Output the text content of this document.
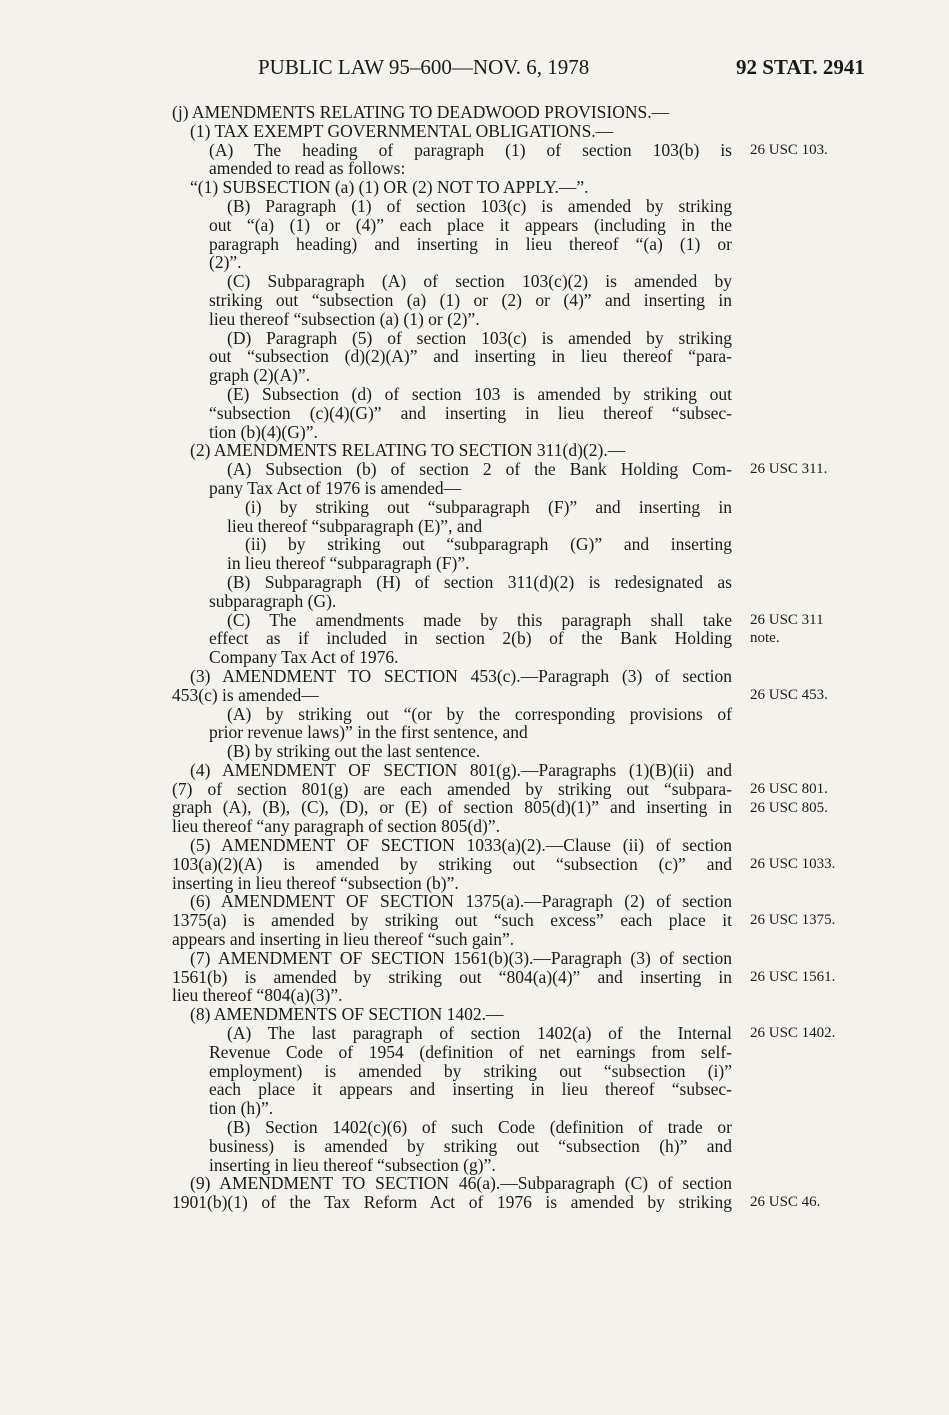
PUBLIC LAW 95–600—NOV. 6, 1978	92 STAT. 2941
(j) AMENDMENTS RELATING TO DEADWOOD PROVISIONS.—
(1) TAX EXEMPT GOVERNMENTAL OBLIGATIONS.—
(A) The heading of paragraph (1) of section 103(b) is
amended to read as follows:
“(1) SUBSECTION (a) (1) OR (2) NOT TO APPLY.—”.
(B) Paragraph (1) of section 103(c) is amended by striking
out “(a) (1) or (4)” each place it appears (including in the
paragraph heading) and inserting in lieu thereof “(a) (1) or
(2)”.
(C) Subparagraph (A) of section 103(c)(2) is amended by
striking out “subsection (a) (1) or (2) or (4)” and inserting in
lieu thereof “subsection (a) (1) or (2)”.
(D) Paragraph (5) of section 103(c) is amended by striking
out “subsection (d)(2)(A)” and inserting in lieu thereof “para-
graph (2)(A)”.
(E) Subsection (d) of section 103 is amended by striking out
“subsection (c)(4)(G)” and inserting in lieu thereof “subsec-
tion (b)(4)(G)”.
(2) AMENDMENTS RELATING TO SECTION 311(d)(2).—
(A) Subsection (b) of section 2 of the Bank Holding Com-
pany Tax Act of 1976 is amended—
(i) by striking out “subparagraph (F)” and inserting in
lieu thereof “subparagraph (E)”, and
(ii) by striking out “subparagraph (G)” and inserting
in lieu thereof “subparagraph (F)”.
(B) Subparagraph (H) of section 311(d)(2) is redesignated as
subparagraph (G).
(C) The amendments made by this paragraph shall take
effect as if included in section 2(b) of the Bank Holding
Company Tax Act of 1976.
(3) AMENDMENT TO SECTION 453(c).—Paragraph (3) of section
453(c) is amended—
(A) by striking out “(or by the corresponding provisions of
prior revenue laws)” in the first sentence, and
(B) by striking out the last sentence.
(4) AMENDMENT OF SECTION 801(g).—Paragraphs (1)(B)(ii) and
(7) of section 801(g) are each amended by striking out “subpara-
graph (A), (B), (C), (D), or (E) of section 805(d)(1)” and inserting in
lieu thereof “any paragraph of section 805(d)”.
(5) AMENDMENT OF SECTION 1033(a)(2).—Clause (ii) of section
103(a)(2)(A) is amended by striking out “subsection (c)” and
inserting in lieu thereof “subsection (b)”.
(6) AMENDMENT OF SECTION 1375(a).—Paragraph (2) of section
1375(a) is amended by striking out “such excess” each place it
appears and inserting in lieu thereof “such gain”.
(7) AMENDMENT OF SECTION 1561(b)(3).—Paragraph (3) of section
1561(b) is amended by striking out “804(a)(4)” and inserting in
lieu thereof “804(a)(3)”.
(8) AMENDMENTS OF SECTION 1402.—
(A) The last paragraph of section 1402(a) of the Internal
Revenue Code of 1954 (definition of net earnings from self-
employment) is amended by striking out “subsection (i)”
each place it appears and inserting in lieu thereof “subsec-
tion (h)”.
(B) Section 1402(c)(6) of such Code (definition of trade or
business) is amended by striking out “subsection (h)” and
inserting in lieu thereof “subsection (g)”.
(9) AMENDMENT TO SECTION 46(a).—Subparagraph (C) of section
1901(b)(1) of the Tax Reform Act of 1976 is amended by striking
26 USC 103.
26 USC 311.
26 USC 311
note.
26 USC 453.
26 USC 801.
26 USC 805.
26 USC 1033.
26 USC 1375.
26 USC 1561.
26 USC 1402.
26 USC 46.
